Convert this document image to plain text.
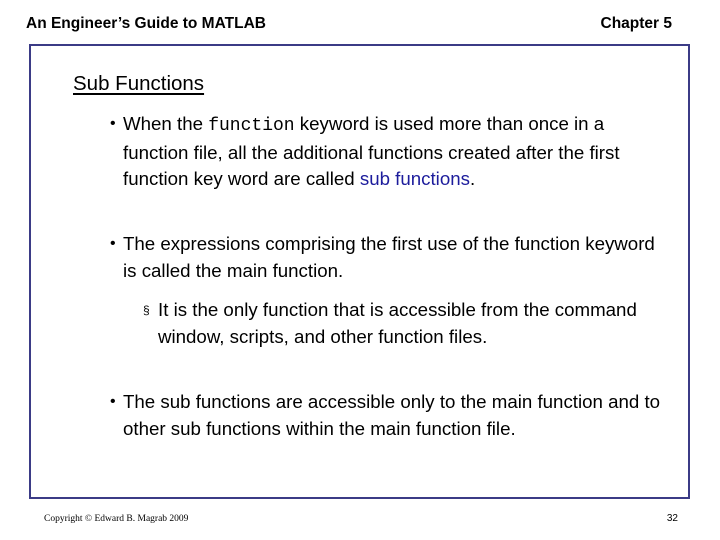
An Engineer’s Guide to MATLAB	Chapter 5
Sub Functions
• When the function keyword is used more than once in a function file, all the additional functions created after the first function key word are called sub functions.
• The expressions comprising the first use of the function keyword is called the main function.
§ It is the only function that is accessible from the command window, scripts, and other function files.
• The sub functions are accessible only to the main function and to other sub functions within the main function file.
Copyright © Edward B. Magrab 2009	32
